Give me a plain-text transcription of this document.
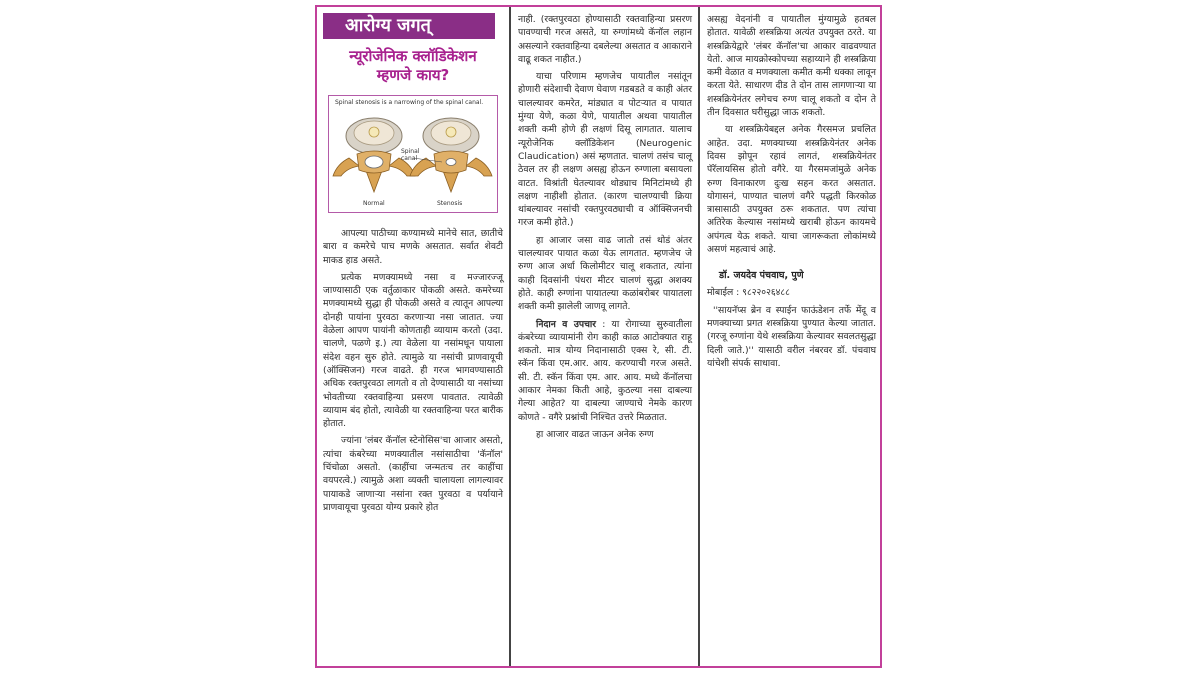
आरोग्य जगत्
न्यूरोजेनिक क्लॉडिकेशन
म्हणजे काय?
Spinal stenosis is a narrowing of the spinal canal.
Spinal canal
Normal	Stenosis

आपल्या पाठीच्या कण्यामध्ये मानेचे सात, छातीचे बारा व कमरेचे पाच मणके असतात. सर्वात शेवटी माकड हाड असते.

प्रत्येक मणक्यामध्ये नसा व मज्जारज्जू जाण्यासाठी एक वर्तुळाकार पोकळी असते. कमरेच्या मणक्यामध्ये सुद्धा ही पोकळी असते व त्यातून आपल्या दोनही पायांना पुरवठा करणाऱ्या नसा जातात. ज्या वेळेला आपण पायांनी कोणताही व्यायाम करतो (उदा. चालणे, पळणे इ.) त्या वेळेला या नसांमधून पायाला संदेश वहन सुरु होते. त्यामुळे या नसांची प्राणवायूची (ऑक्सिजन) गरज वाढते. ही गरज भागवण्यासाठी अधिक रक्तपुरवठा लागतो व तो देण्यासाठी या नसांच्या भोवतीच्या रक्तवाहिन्या प्रसरण पावतात. त्यावेळी व्यायाम बंद होतो, त्यावेळी या रक्तवाहिन्या परत बारीक होतात.

ज्यांना 'लंबर कॅनॉल स्टेनोसिस'चा आजार असतो, त्यांचा कंबरेच्या मणक्यातील नसांसाठीचा 'कॅनॉल' चिंचोळा असतो. (काहींचा जन्मतःच तर काहींचा वयपरत्वे.) त्यामुळे अशा व्यक्ती चालायला लागल्यावर पायाकडे जाणाऱ्या नसांना रक्त पुरवठा व पर्यायाने प्राणवायूचा पुरवठा योग्य प्रकारे होत

नाही. (रक्तपुरवठा होण्यासाठी रक्तवाहिन्या प्रसरण पावण्याची गरज असते, या रुग्णांमध्ये कॅनॉल लहान असल्याने रक्तवाहिन्या दबलेल्या असतात व आकाराने वाढू शकत नाहीत.)

याचा परिणाम म्हणजेच पायातील नसांतून होणारी संदेशाची देवाण घेवाण गडबडते व काही अंतर चालल्यावर कमरेत, मांड्यात व पोटऱ्यात व पायात मुंग्या येणे, कळा येणे, पायातील अथवा पायातील शक्ती कमी होणे ही लक्षणं दिसू लागतात. यालाच न्यूरोजेनिक क्लॉडिकेशन (Neurogenic Claudication) असं म्हणतात. चालणं तसंच चालू ठेवल तर ही लक्षण असह्य होऊन रुग्णाला बसायला वाटत. विश्रांती घेतल्यावर थोड्याच मिनिटांमध्ये ही लक्षण नाहीशी होतात. (कारण चालण्याची क्रिया थांबल्यावर नसांची रक्तपुरवठ्याची व ऑक्सिजनची गरज कमी होते.)

हा आजार जसा वाढ जातो तसं थोडं अंतर चालल्यावर पायात कळा येऊ लागतात. म्हणजेच जे रुग्ण आज अर्धा किलोमीटर चालू शकतात, त्यांना काही दिवसांनी पंधरा मीटर चालणं सुद्धा अशक्य होते. काही रुग्णांना पायातल्या कळांबरोबर पायातला शक्ती कमी झालेली जाणवू लागते.

निदान व उपचार : या रोगाच्या सुरुवातीला कंबरेच्या व्यायामांनी रोग काही काळ आटोक्यात राहू शकतो. मात्र योग्य निदानासाठी एक्स रे, सी. टी. स्कॅन किंवा एम.आर. आय. करण्याची गरज असते. सी. टी. स्कॅन किंवा एम. आर. आय. मध्ये कॅनॉलचा आकार नेमका किती आहे, कुठल्या नसा दाबल्या गेल्या आहेत? या दाबल्या जाण्याचे नेमके कारण कोणते - वगैरे प्रश्नांची निश्चित उत्तरे मिळतात.

हा आजार वाढत जाऊन अनेक रुग्ण

असह्य वेदनांनी व पायातील मुंग्यामुळे हतबल होतात. यावेळी शस्त्रक्रिया अत्यंत उपयुक्त ठरते. या शस्त्रक्रियेद्वारे 'लंबर कॅनॉल'चा आकार वाढवण्यात येतो. आज मायक्रोस्कोपच्या सहाय्याने ही शस्त्रक्रिया कमी वेळात व मणक्याला कमीत कमी धक्का लावून करता येते. साधारण दीड ते दोन तास लागणाऱ्या या शस्त्रक्रियेनंतर लगेचच रुग्ण चालू शकतो व दोन ते तीन दिवसात घरीसुद्धा जाऊ शकतो.

या शस्त्रक्रियेबद्दल अनेक गैरसमज प्रचलित आहेत. उदा. मणक्याच्या शस्त्रक्रियेनंतर अनेक दिवस झोपून रहावं लागतं, शस्त्रक्रियेनंतर पॅरॅलायसिस होतो वगैरे. या गैरसमजांमुळे अनेक रुग्ण विनाकारण दुःख सहन करत असतात. योगासनं, पाण्यात चालणं वगैरे पद्धती किरकोळ त्रासासाठी उपयुक्त ठरू शकतात. पण त्यांचा अतिरेक केल्यास नसांमध्ये खराबी होऊन कायमचे अपंगत्व येऊ शकते. याचा जागरूकता लोकांमध्ये असणं महत्वाचं आहे.

डॉ. जयदेव पंचवाघ, पुणे

मोबाईल : ९८२२०२६४८८

''सायनॅप्स ब्रेन व स्पाईन फाऊंडेशन तर्फे मेंदू व मणक्याच्या प्रगत शस्त्रक्रिया पुण्यात केल्या जातात. (गरजू रुग्णांना येथे शस्त्रक्रिया केल्यावर सवलतसुद्धा दिली जाते.)'' यासाठी वरील नंबरवर डॉ. पंचवाघ यांचेशी संपर्क साधावा.
